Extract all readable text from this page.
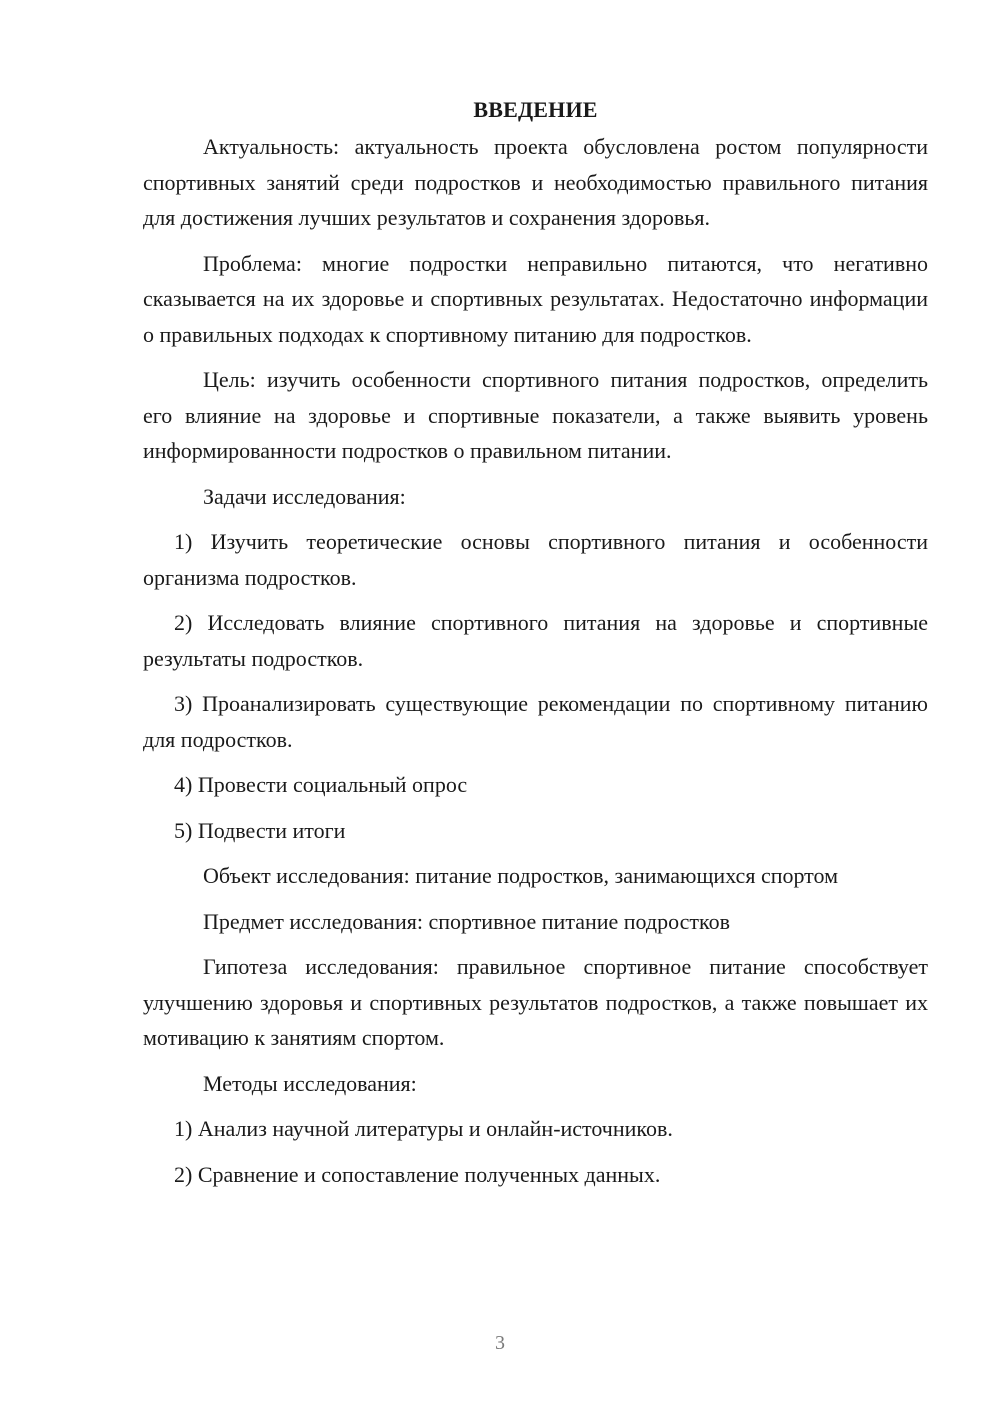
ВВЕДЕНИЕ

Актуальность: актуальность проекта обусловлена ростом популярности спортивных занятий среди подростков и необходимостью правильного питания для достижения лучших результатов и сохранения здоровья.

Проблема: многие подростки неправильно питаются, что негативно сказывается на их здоровье и спортивных результатах. Недостаточно информации о правильных подходах к спортивному питанию для подростков.

Цель: изучить особенности спортивного питания подростков, определить его влияние на здоровье и спортивные показатели, а также выявить уровень информированности подростков о правильном питании.

Задачи исследования:

1) Изучить теоретические основы спортивного питания и особенности организма подростков.

2) Исследовать влияние спортивного питания на здоровье и спортивные результаты подростков.

3) Проанализировать существующие рекомендации по спортивному питанию для подростков.

4) Провести социальный опрос

5) Подвести итоги

Объект исследования: питание подростков, занимающихся спортом

Предмет исследования: спортивное питание подростков

Гипотеза исследования: правильное спортивное питание способствует улучшению здоровья и спортивных результатов подростков, а также повышает их мотивацию к занятиям спортом.

Методы исследования:

1) Анализ научной литературы и онлайн-источников.

2) Сравнение и сопоставление полученных данных.

3
